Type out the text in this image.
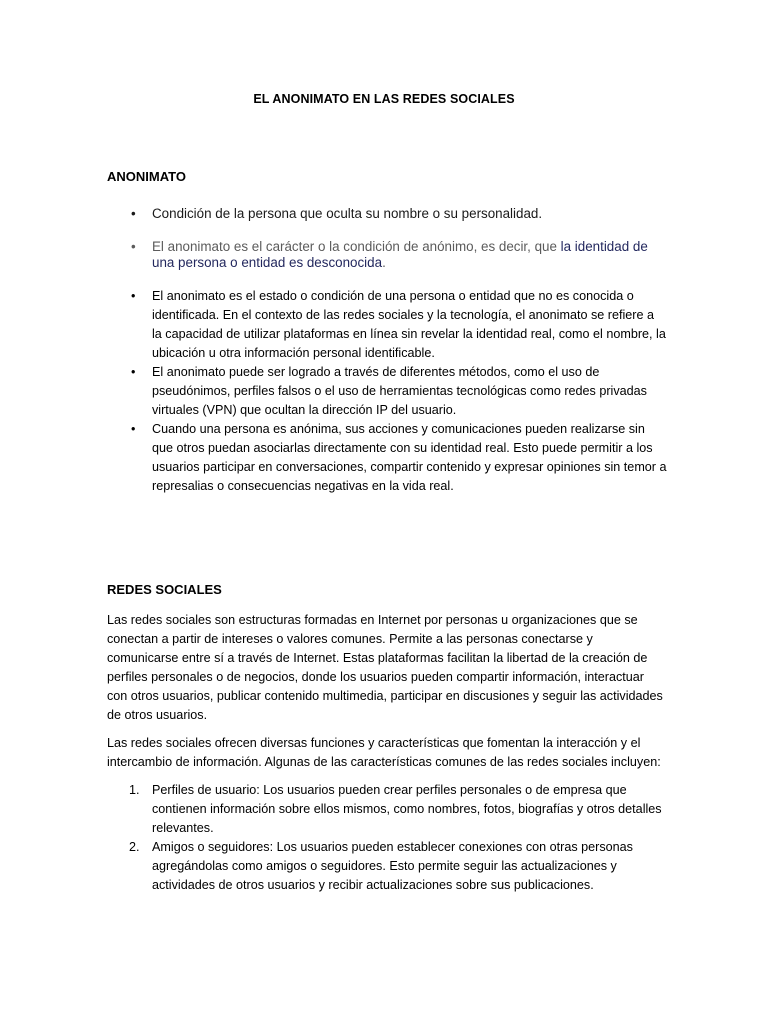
EL ANONIMATO EN LAS REDES SOCIALES
ANONIMATO
• Condición de la persona que oculta su nombre o su personalidad.
• El anonimato es el carácter o la condición de anónimo, es decir, que la identidad de una persona o entidad es desconocida.
• El anonimato es el estado o condición de una persona o entidad que no es conocida o identificada. En el contexto de las redes sociales y la tecnología, el anonimato se refiere a la capacidad de utilizar plataformas en línea sin revelar la identidad real, como el nombre, la ubicación u otra información personal identificable.
• El anonimato puede ser logrado a través de diferentes métodos, como el uso de pseudónimos, perfiles falsos o el uso de herramientas tecnológicas como redes privadas virtuales (VPN) que ocultan la dirección IP del usuario.
• Cuando una persona es anónima, sus acciones y comunicaciones pueden realizarse sin que otros puedan asociarlas directamente con su identidad real. Esto puede permitir a los usuarios participar en conversaciones, compartir contenido y expresar opiniones sin temor a represalias o consecuencias negativas en la vida real.
REDES SOCIALES
Las redes sociales son estructuras formadas en Internet por personas u organizaciones que se conectan a partir de intereses o valores comunes. Permite a las personas conectarse y comunicarse entre sí a través de Internet. Estas plataformas facilitan la libertad de la creación de perfiles personales o de negocios, donde los usuarios pueden compartir información, interactuar con otros usuarios, publicar contenido multimedia, participar en discusiones y seguir las actividades de otros usuarios.
Las redes sociales ofrecen diversas funciones y características que fomentan la interacción y el intercambio de información. Algunas de las características comunes de las redes sociales incluyen:
1. Perfiles de usuario: Los usuarios pueden crear perfiles personales o de empresa que contienen información sobre ellos mismos, como nombres, fotos, biografías y otros detalles relevantes.
2. Amigos o seguidores: Los usuarios pueden establecer conexiones con otras personas agregándolas como amigos o seguidores. Esto permite seguir las actualizaciones y actividades de otros usuarios y recibir actualizaciones sobre sus publicaciones.
